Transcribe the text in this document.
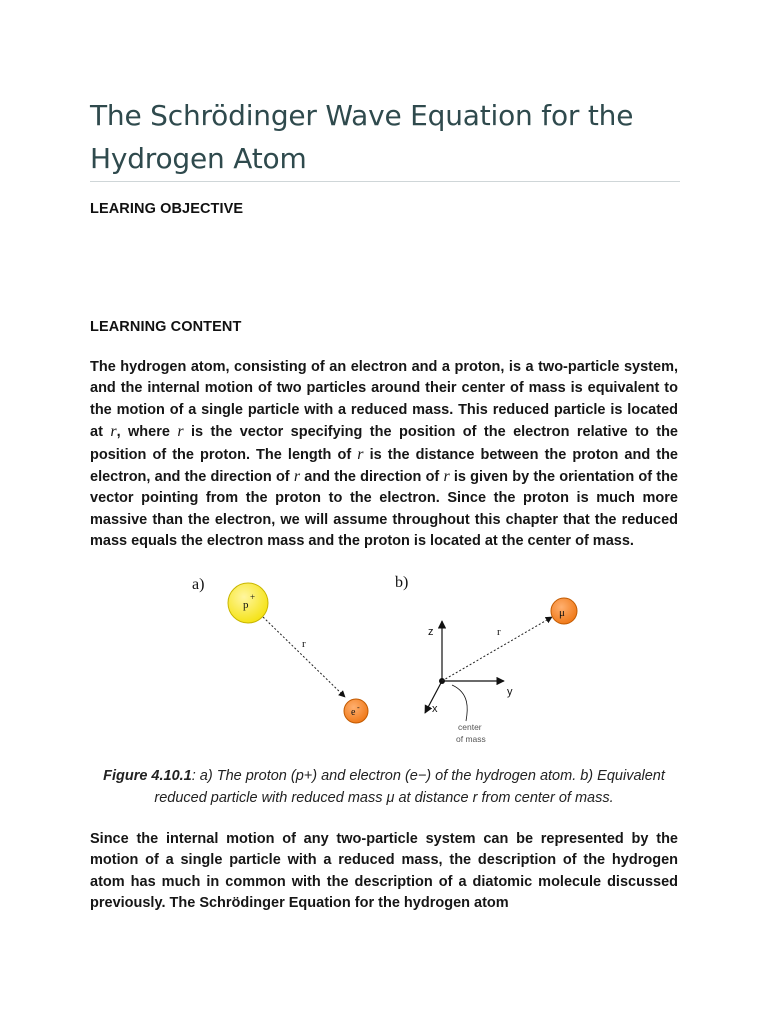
The Schrödinger Wave Equation for the Hydrogen Atom
LEARING OBJECTIVE
LEARNING CONTENT

The hydrogen atom, consisting of an electron and a proton, is a two-particle system, and the internal motion of two particles around their center of mass is equivalent to the motion of a single particle with a reduced mass. This reduced particle is located at r, where r is the vector specifying the position of the electron relative to the position of the proton. The length of r is the distance between the proton and the electron, and the direction of r and the direction of r is given by the orientation of the vector pointing from the proton to the electron. Since the proton is much more massive than the electron, we will assume throughout this chapter that the reduced mass equals the electron mass and the proton is located at the center of mass.

a)
p
+
r
e -
b)
z
y
x
r
μ
center
of mass

Figure 4.10.1: a) The proton (p+) and electron (e−) of the hydrogen atom. b) Equivalent reduced particle with reduced mass μ at distance r from center of mass.

Since the internal motion of any two-particle system can be represented by the motion of a single particle with a reduced mass, the description of the hydrogen atom has much in common with the description of a diatomic molecule discussed previously. The Schrödinger Equation for the hydrogen atom
